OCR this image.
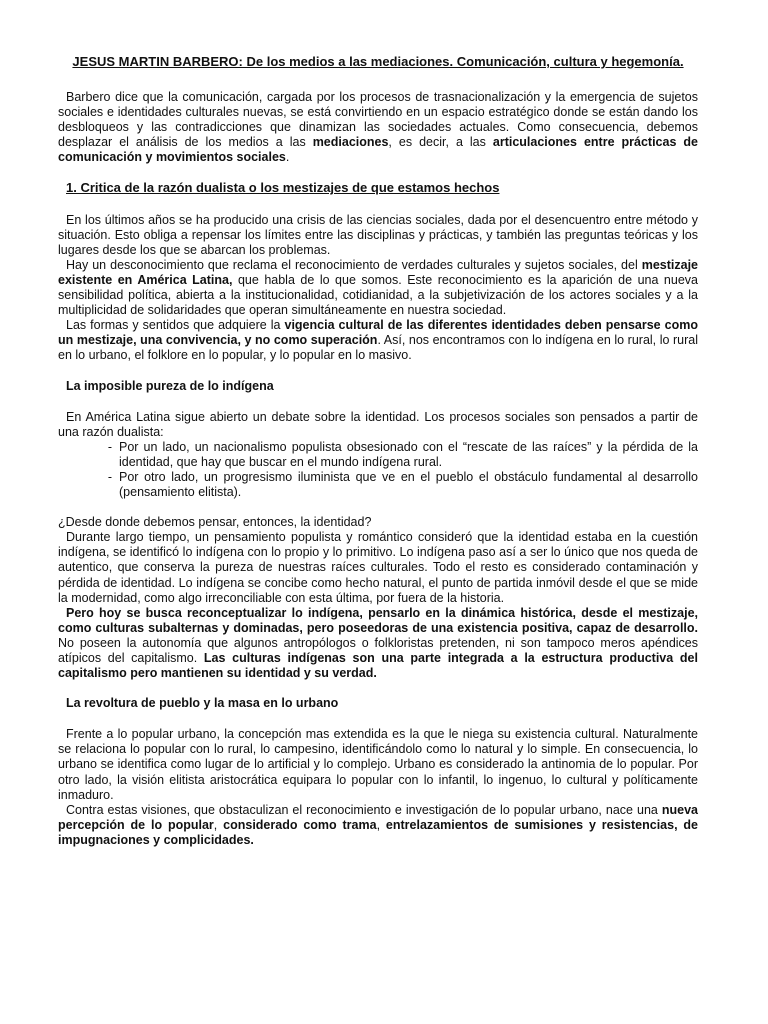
JESUS MARTIN BARBERO: De los medios a las mediaciones. Comunicación, cultura y hegemonía.

Barbero dice que la comunicación, cargada por los procesos de trasnacionalización y la emergencia de sujetos sociales e identidades culturales nuevas, se está convirtiendo en un espacio estratégico donde se están dando los desbloqueos y las contradicciones que dinamizan las sociedades actuales. Como consecuencia, debemos desplazar el análisis de los medios a las mediaciones, es decir, a las articulaciones entre prácticas de comunicación y movimientos sociales.

1. Critica de la razón dualista o los mestizajes de que estamos hechos

En los últimos años se ha producido una crisis de las ciencias sociales, dada por el desencuentro entre método y situación. Esto obliga a repensar los límites entre las disciplinas y prácticas, y también las preguntas teóricas y los lugares desde los que se abarcan los problemas.

Hay un desconocimiento que reclama el reconocimiento de verdades culturales y sujetos sociales, del mestizaje existente en América Latina, que habla de lo que somos. Este reconocimiento es la aparición de una nueva sensibilidad política, abierta a la institucionalidad, cotidianidad, a la subjetivización de los actores sociales y a la multiplicidad de solidaridades que operan simultáneamente en nuestra sociedad.

Las formas y sentidos que adquiere la vigencia cultural de las diferentes identidades deben pensarse como un mestizaje, una convivencia, y no como superación. Así, nos encontramos con lo indígena en lo rural, lo rural en lo urbano, el folklore en lo popular, y lo popular en lo masivo.

La imposible pureza de lo indígena

En América Latina sigue abierto un debate sobre la identidad. Los procesos sociales son pensados a partir de una razón dualista:

- Por un lado, un nacionalismo populista obsesionado con el “rescate de las raíces” y la pérdida de la identidad, que hay que buscar en el mundo indígena rural.
- Por otro lado, un progresismo iluminista que ve en el pueblo el obstáculo fundamental al desarrollo (pensamiento elitista).

¿Desde donde debemos pensar, entonces, la identidad?

Durante largo tiempo, un pensamiento populista y romántico consideró que la identidad estaba en la cuestión indígena, se identificó lo indígena con lo propio y lo primitivo. Lo indígena paso así a ser lo único que nos queda de autentico, que conserva la pureza de nuestras raíces culturales. Todo el resto es considerado contaminación y pérdida de identidad. Lo indígena se concibe como hecho natural, el punto de partida inmóvil desde el que se mide la modernidad, como algo irreconciliable con esta última, por fuera de la historia.

Pero hoy se busca reconceptualizar lo indígena, pensarlo en la dinámica histórica, desde el mestizaje, como culturas subalternas y dominadas, pero poseedoras de una existencia positiva, capaz de desarrollo. No poseen la autonomía que algunos antropólogos o folkloristas pretenden, ni son tampoco meros apéndices atípicos del capitalismo. Las culturas indígenas son una parte integrada a la estructura productiva del capitalismo pero mantienen su identidad y su verdad.

La revoltura de pueblo y la masa en lo urbano

Frente a lo popular urbano, la concepción mas extendida es la que le niega su existencia cultural. Naturalmente se relaciona lo popular con lo rural, lo campesino, identificándolo como lo natural y lo simple. En consecuencia, lo urbano se identifica como lugar de lo artificial y lo complejo. Urbano es considerado la antinomia de lo popular. Por otro lado, la visión elitista aristocrática equipara lo popular con lo infantil, lo ingenuo, lo cultural y políticamente inmaduro.

Contra estas visiones, que obstaculizan el reconocimiento e investigación de lo popular urbano, nace una nueva percepción de lo popular, considerado como trama, entrelazamientos de sumisiones y resistencias, de impugnaciones y complicidades.
